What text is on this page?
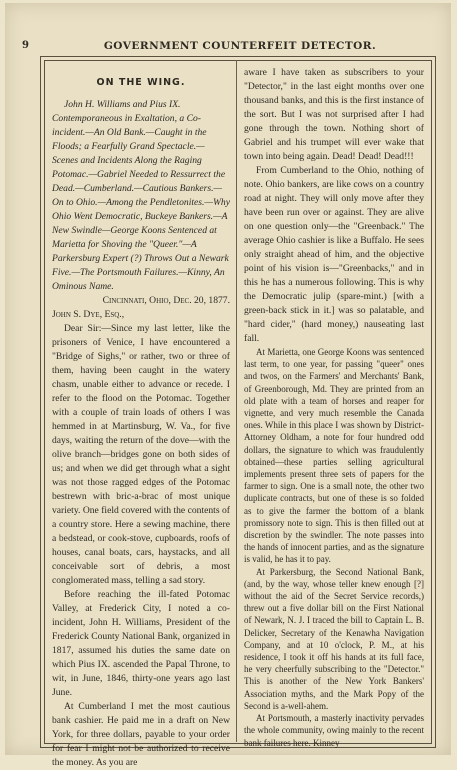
9	GOVERNMENT COUNTERFEIT DETECTOR.
ON THE WING.

John H. Williams and Pius IX. Contemporaneous in Exaltation, a Co-incident.—An Old Bank.—Caught in the Floods; a Fearfully Grand Spectacle.—Scenes and Incidents Along the Raging Potomac.—Gabriel Needed to Ressurrect the Dead.—Cumberland.—Cautious Bankers.—On to Ohio.—Among the Pendletonites.—Why Ohio Went Democratic, Buckeye Bankers.—A New Swindle—George Koons Sentenced at Marietta for Shoving the "Queer."—A Parkersburg Expert (?) Throws Out a Newark Five.—The Portsmouth Failures.—Kinny, An Ominous Name.

Cincinnati, Ohio, Dec. 20, 1877.

John S. Dye, Esq.,

Dear Sir:—Since my last letter, like the prisoners of Venice, I have encountered a "Bridge of Sighs," or rather, two or three of them, having been caught in the watery chasm, unable either to advance or recede. I refer to the flood on the Potomac. Together with a couple of train loads of others I was hemmed in at Martinsburg, W. Va., for five days, waiting the return of the dove—with the olive branch—bridges gone on both sides of us; and when we did get through what a sight was not those ragged edges of the Potomac bestrewn with bric-a-brac of most unique variety. One field covered with the contents of a country store. Here a sewing machine, there a bedstead, or cook-stove, cupboards, roofs of houses, canal boats, cars, haystacks, and all conceivable sort of debris, a most conglomerated mass, telling a sad story.

Before reaching the ill-fated Potomac Valley, at Frederick City, I noted a co-incident, John H. Williams, President of the Frederick County National Bank, organized in 1817, assumed his duties the same date on which Pius IX. ascended the Papal Throne, to wit, in June, 1846, thirty-one years ago last June.

At Cumberland I met the most cautious bank cashier. He paid me in a draft on New York, for three dollars, payable to your order for fear I might not be authorized to receive the money. As you are

aware I have taken as subscribers to your "Detector," in the last eight months over one thousand banks, and this is the first instance of the sort. But I was not surprised after I had gone through the town. Nothing short of Gabriel and his trumpet will ever wake that town into being again. Dead! Dead! Dead!!!

From Cumberland to the Ohio, nothing of note. Ohio bankers, are like cows on a country road at night. They will only move after they have been run over or against. They are alive on one question only—the "Greenback." The average Ohio cashier is like a Buffalo. He sees only straight ahead of him, and the objective point of his vision is—"Greenbacks," and in this he has a numerous following. This is why the Democratic julip (spare-mint.) [with a green-back stick in it.] was so palatable, and "hard cider," (hard money,) nauseating last fall.

At Marietta, one George Koons was sentenced last term, to one year, for passing "queer" ones and twos, on the Farmers' and Merchants' Bank, of Greenborough, Md. They are printed from an old plate with a team of horses and reaper for vignette, and very much resemble the Canada ones. While in this place I was shown by District-Attorney Oldham, a note for four hundred odd dollars, the signature to which was fraudulently obtained—these parties selling agricultural implements present three sets of papers for the farmer to sign. One is a small note, the other two duplicate contracts, but one of these is so folded as to give the farmer the bottom of a blank promissory note to sign. This is then filled out at discretion by the swindler. The note passes into the hands of innocent parties, and as the signature is valid, he has it to pay.

At Parkersburg, the Second National Bank, (and, by the way, whose teller knew enough [?] without the aid of the Secret Service records,) threw out a five dollar bill on the First National of Newark, N. J. I traced the bill to Captain L. B. Delicker, Secretary of the Kenawha Navigation Company, and at 10 o'clock, P. M., at his residence, I took it off his hands at its full face, he very cheerfully subscribing to the "Detector." This is another of the New York Bankers' Association myths, and the Mark Popy of the Second is a-well-ahem.

At Portsmouth, a masterly inactivity pervades the whole community, owing mainly to the recent bank failures here. Kinney
